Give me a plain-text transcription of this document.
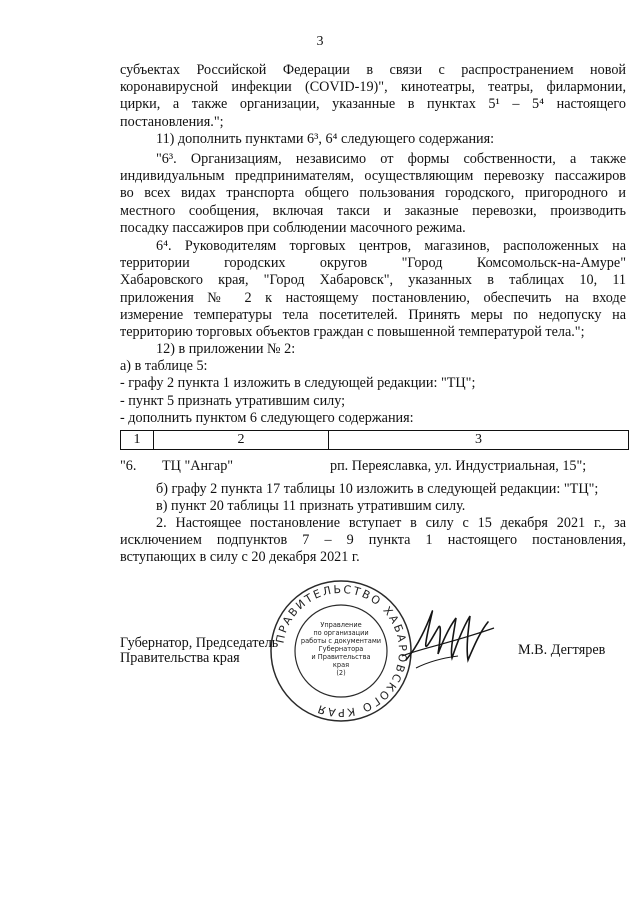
3
субъектах Российской Федерации в связи с распространением новой
коронавирусной инфекции (COVID-19)", кинотеатры, театры, филармонии,
цирки, а также организации, указанные в пунктах 5¹ – 5⁴ настоящего
постановления.";
11) дополнить пунктами 6³, 6⁴ следующего содержания:
"6³. Организациям, независимо от формы собственности, а также
индивидуальным предпринимателям, осуществляющим перевозку пассажиров
во всех видах транспорта общего пользования городского, пригородного и
местного сообщения, включая такси и заказные перевозки, производить
посадку пассажиров при соблюдении масочного режима.
6⁴. Руководителям торговых центров, магазинов, расположенных на
территории городских округов "Город Комсомольск-на-Амуре"
Хабаровского края, "Город Хабаровск", указанных в таблицах 10, 11
приложения № 2 к настоящему постановлению, обеспечить на входе
измерение температуры тела посетителей. Принять меры по недопуску на
территорию торговых объектов граждан с повышенной температурой тела.";
12) в приложении № 2:
а) в таблице 5:
- графу 2 пункта 1 изложить в следующей редакции: "ТЦ";
- пункт 5 признать утратившим силу;
- дополнить пунктом 6 следующего содержания:
1	2	3
"6. ТЦ "Ангар"	рп. Переяславка, ул. Индустриальная, 15";
б) графу 2 пункта 17 таблицы 10 изложить в следующей редакции: "ТЦ";
в) пункт 20 таблицы 11 признать утратившим силу.
2. Настоящее постановление вступает в силу с 15 декабря 2021 г., за
исключением подпунктов 7 – 9 пункта 1 настоящего постановления,
вступающих в силу с 20 декабря 2021 г.
ПРАВИТЕЛЬСТВО ХАБАРОВСКОГО КРАЯ
Управление
по организации
работы с документами
Губернатора
и Правительства
края
(2)
Губернатор, Председатель
Правительства края	М.В. Дегтярев
